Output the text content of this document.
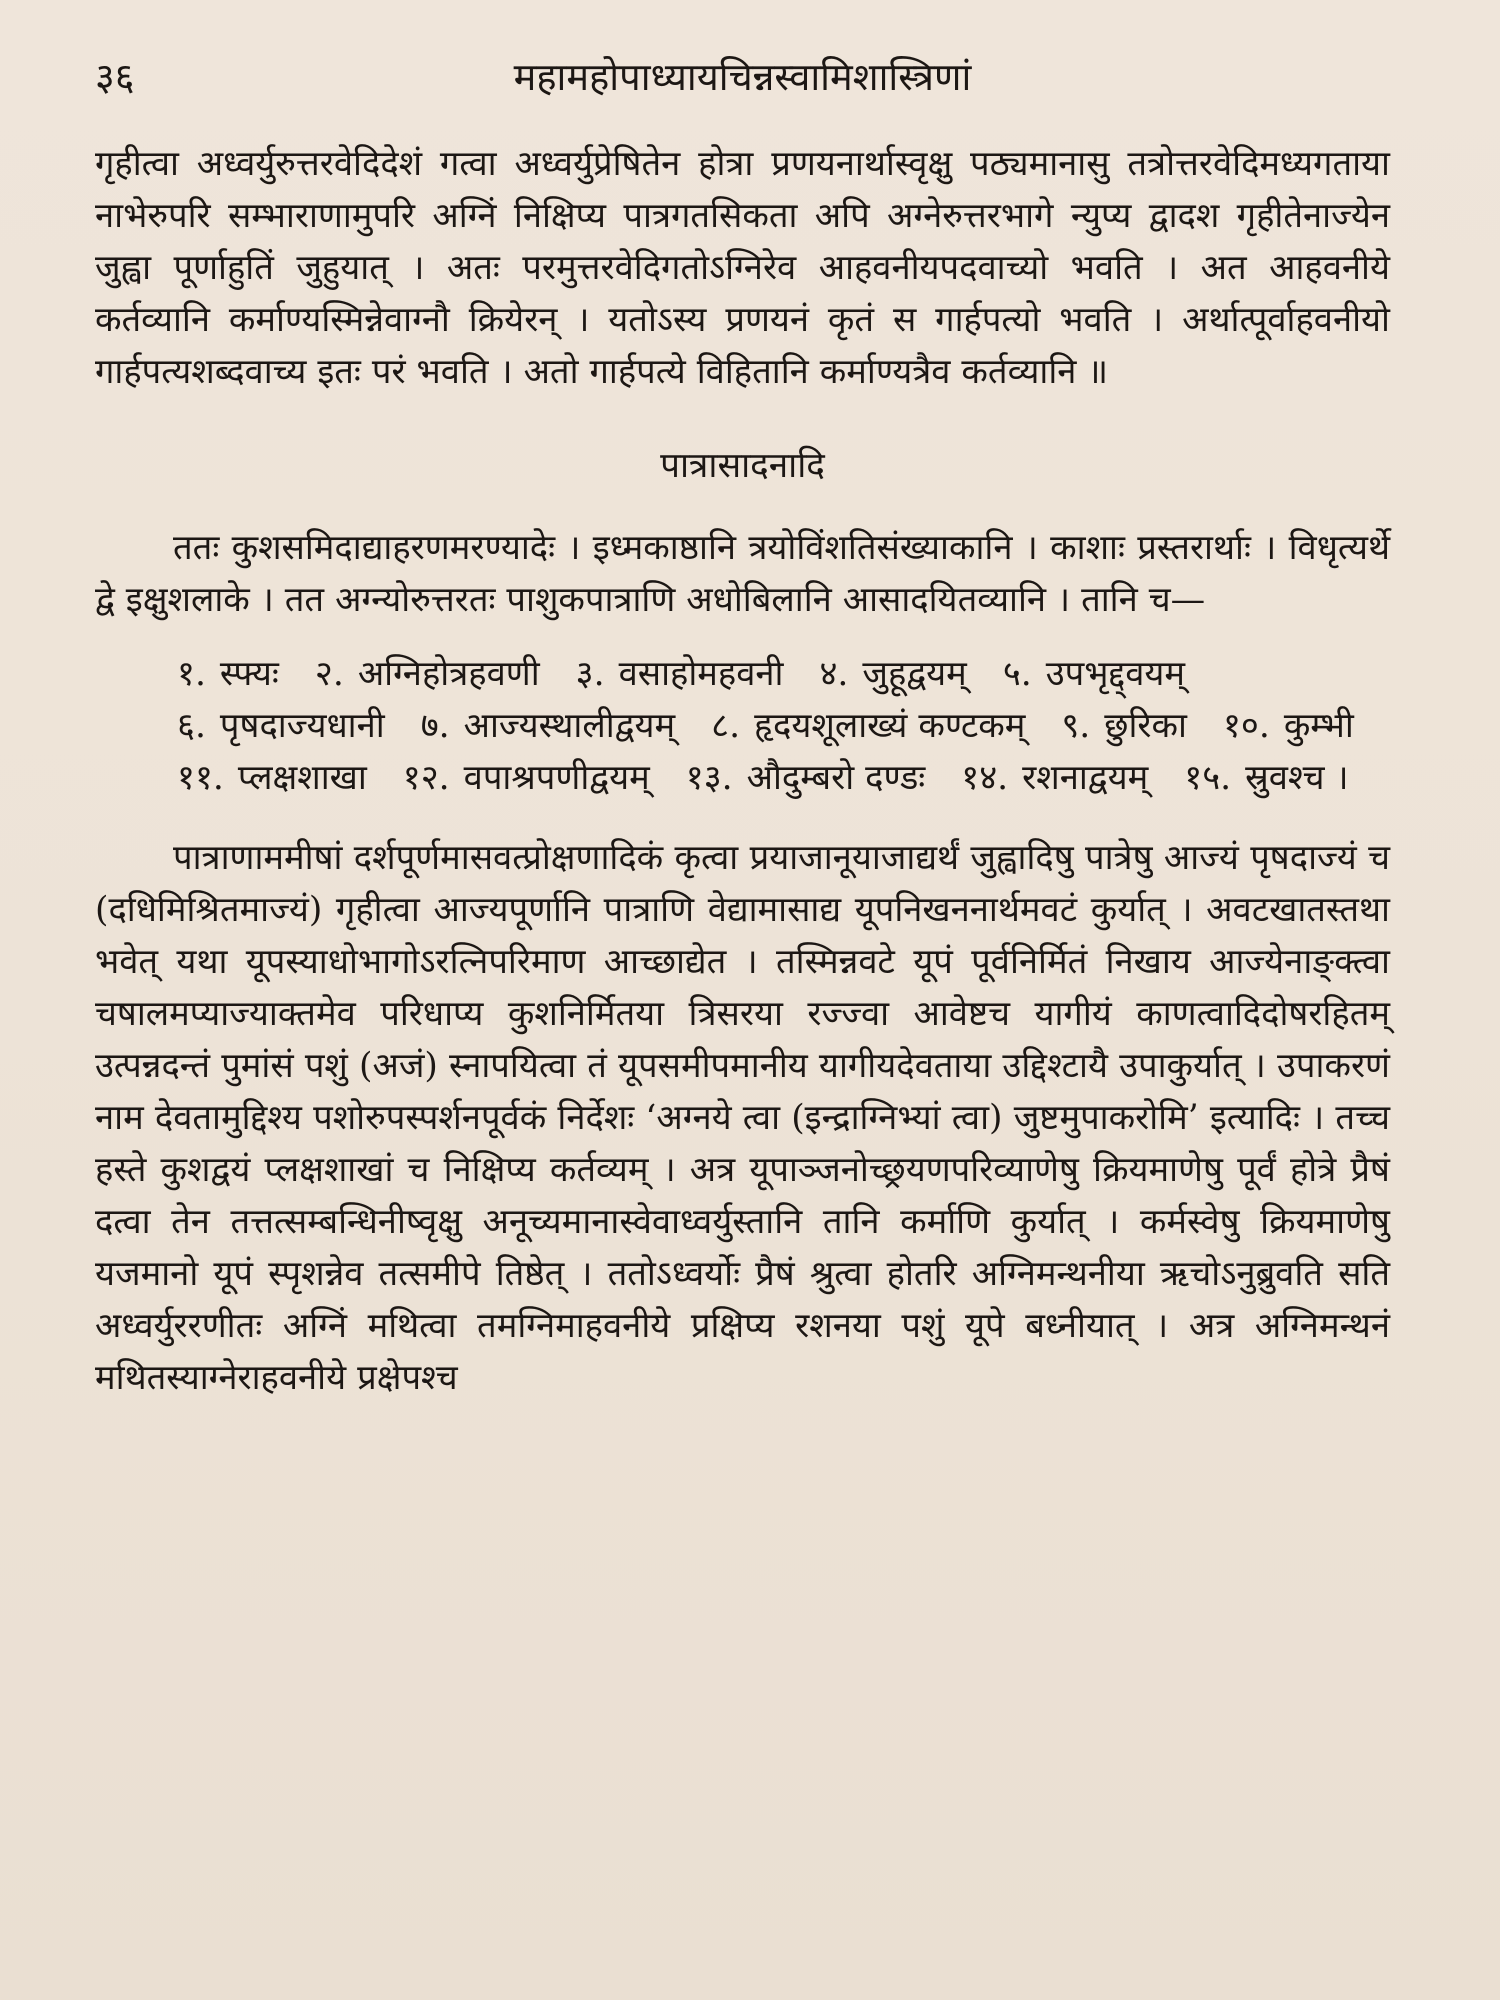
३६	महामहोपाध्यायचिन्नस्वामिशास्त्रिणां

गृहीत्वा अध्वर्युरुत्तरवेदिदेशं गत्वा अध्वर्युप्रेषितेन होत्रा प्रणयनार्थास्वृक्षु पठ्यमानासु तत्रोत्तरवेदिमध्यगताया नाभेरुपरि सम्भाराणामुपरि अग्निं निक्षिप्य पात्रगतसिकता अपि अग्नेरुत्तरभागे न्युप्य द्वादश गृहीतेनाज्येन जुह्वा पूर्णाहुतिं जुहुयात् । अतः परमुत्तरवेदिगतोऽग्निरेव आहवनीयपदवाच्यो भवति । अत आहवनीये कर्तव्यानि कर्माण्यस्मिन्नेवाग्नौ क्रियेरन् । यतोऽस्य प्रणयनं कृतं स गार्हपत्यो भवति । अर्थात्पूर्वाहवनीयो गार्हपत्यशब्दवाच्य इतः परं भवति । अतो गार्हपत्ये विहितानि कर्माण्यत्रैव कर्तव्यानि ॥

पात्रासादनादि

ततः कुशसमिदाद्याहरणमरण्यादेः । इध्मकाष्ठानि त्रयोविंशतिसंख्याकानि । काशाः प्रस्तरार्थाः । विधृत्यर्थे द्वे इक्षुशलाके । तत अग्न्योरुत्तरतः पाशुकपात्राणि अधोबिलानि आसादयितव्यानि । तानि च—

१. स्फ्यः २. अग्निहोत्रहवणी ३. वसाहोमहवनी ४. जुहूद्वयम् ५. उपभृद्द्वयम्
६. पृषदाज्यधानी ७. आज्यस्थालीद्वयम् ८. हृदयशूलाख्यं कण्टकम् ९. छुरिका १०. कुम्भी
११. प्लक्षशाखा १२. वपाश्रपणीद्वयम् १३. औदुम्बरो दण्डः १४. रशनाद्वयम् १५. स्रुवश्च ।

पात्राणाममीषां दर्शपूर्णमासवत्प्रोक्षणादिकं कृत्वा प्रयाजानूयाजाद्यर्थं जुह्वादिषु पात्रेषु आज्यं पृषदाज्यं च (दधिमिश्रितमाज्यं) गृहीत्वा आज्यपूर्णानि पात्राणि वेद्यामासाद्य यूपनिखननार्थमवटं कुर्यात् । अवटखातस्तथा भवेत् यथा यूपस्याधोभागोऽरत्निपरिमाण आच्छाद्येत । तस्मिन्नवटे यूपं पूर्वनिर्मितं निखाय आज्येनाङ्क्त्वा चषालमप्याज्याक्तमेव परिधाप्य कुशनिर्मितया त्रिसरया रज्ज्वा आवेष्टच यागीयं काणत्वादिदोषरहितम् उत्पन्नदन्तं पुमांसं पशुं (अजं) स्नापयित्वा तं यूपसमीपमानीय यागीयदेवताया उद्दिश्टायै उपाकुर्यात् । उपाकरणं नाम देवतामुद्दिश्य पशोरुपस्पर्शनपूर्वकं निर्देशः ‘अग्नये त्वा (इन्द्राग्निभ्यां त्वा) जुष्टमुपाकरोमि’ इत्यादिः । तच्च हस्ते कुशद्वयं प्लक्षशाखां च निक्षिप्य कर्तव्यम् । अत्र यूपाञ्जनोच्छ्रयणपरिव्याणेषु क्रियमाणेषु पूर्वं होत्रे प्रैषं दत्वा तेन तत्तत्सम्बन्धिनीष्वृक्षु अनूच्यमानास्वेवाध्वर्युस्तानि तानि कर्माणि कुर्यात् । कर्मस्वेषु क्रियमाणेषु यजमानो यूपं स्पृशन्नेव तत्समीपे तिष्ठेत् । ततोऽध्वर्योः प्रैषं श्रुत्वा होतरि अग्निमन्थनीया ऋचोऽनुब्रुवति सति अध्वर्युररणीतः अग्निं मथित्वा तमग्निमाहवनीये प्रक्षिप्य रशनया पशुं यूपे बध्नीयात् । अत्र अग्निमन्थनं मथितस्याग्नेराहवनीये प्रक्षेपश्च
